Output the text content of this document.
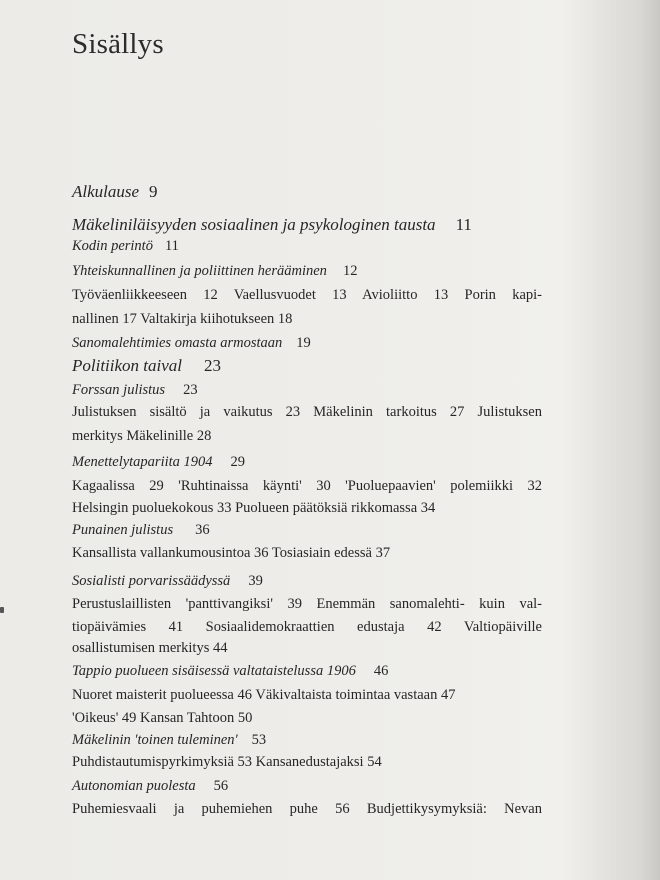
Sisällys
Alkulause 9
Mäkeliniläisyyden sosiaalinen ja psykologinen tausta 11
Kodin perintö 11
Yhteiskunnallinen ja poliittinen herääminen 12
Työväenliikkeeseen 12 Vaellusvuodet 13 Avioliitto 13 Porin kapi-
nallinen 17 Valtakirja kiihotukseen 18
Sanomalehtimies omasta armostaan 19
Politiikon taival 23
Forssan julistus 23
Julistuksen sisältö ja vaikutus 23 Mäkelinin tarkoitus 27 Julistuksen
merkitys Mäkelinille 28
Menettelytapariita 1904 29
Kagaalissa 29 'Ruhtinaissa käynti' 30 'Puoluepaavien' polemiikki 32
Helsingin puoluekokous 33 Puolueen päätöksiä rikkomassa 34
Punainen julistus 36
Kansallista vallankumousintoa 36 Tosiasiain edessä 37
Sosialisti porvarissäädyssä 39
Perustuslaillisten 'panttivangiksi' 39 Enemmän sanomalehti- kuin val-
tiopäivämies 41 Sosiaalidemokraattien edustaja 42 Valtiopäiville
osallistumisen merkitys 44
Tappio puolueen sisäisessä valtataistelussa 1906 46
Nuoret maisterit puolueessa 46 Väkivaltaista toimintaa vastaan 47
'Oikeus' 49 Kansan Tahtoon 50
Mäkelinin 'toinen tuleminen' 53
Puhdistautumispyrkimyksiä 53 Kansanedustajaksi 54
Autonomian puolesta 56
Puhemiesvaali ja puhemiehen puhe 56 Budjettikysymyksiä: Nevan
